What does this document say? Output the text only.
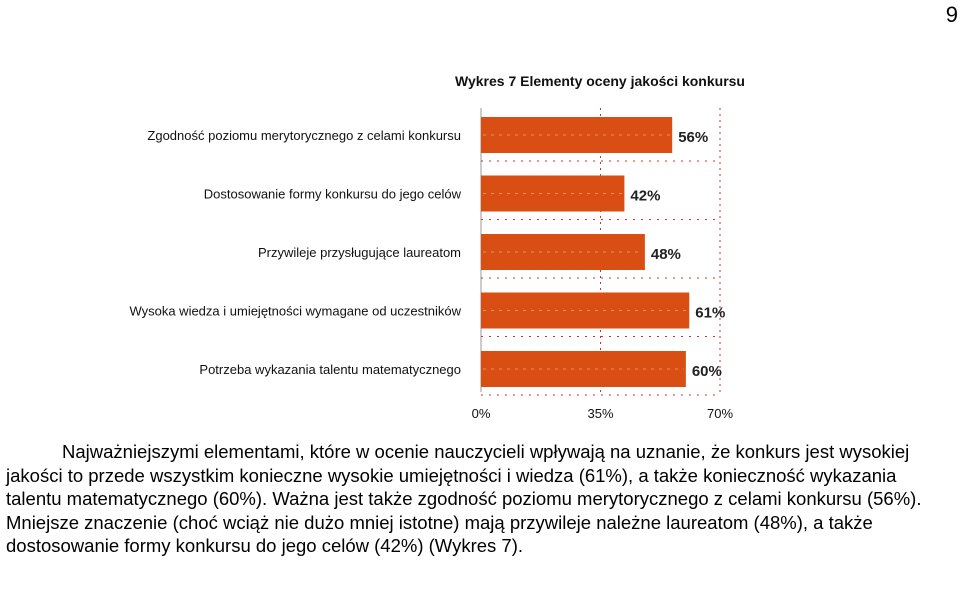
9
Wykres 7 Elementy oceny jakości konkursu
Zgodność poziomu merytorycznego z celami konkursu
Dostosowanie formy konkursu do jego celów
Przywileje przysługujące laureatom
Wysoka wiedza i umiejętności wymagane od uczestników
Potrzeba wykazania talentu matematycznego
56%
42%
48%
61%
60%
0%	35%	70%

Najważniejszymi elementami, które w ocenie nauczycieli wpływają na uznanie, że konkurs jest wysokiej jakości to przede wszystkim konieczne wysokie umiejętności i wiedza (61%), a także konieczność wykazania talentu matematycznego (60%). Ważna jest także zgodność poziomu merytorycznego z celami konkursu (56%). Mniejsze znaczenie (choć wciąż nie dużo mniej istotne) mają przywileje należne laureatom (48%), a także dostosowanie formy konkursu do jego celów (42%) (Wykres 7).
